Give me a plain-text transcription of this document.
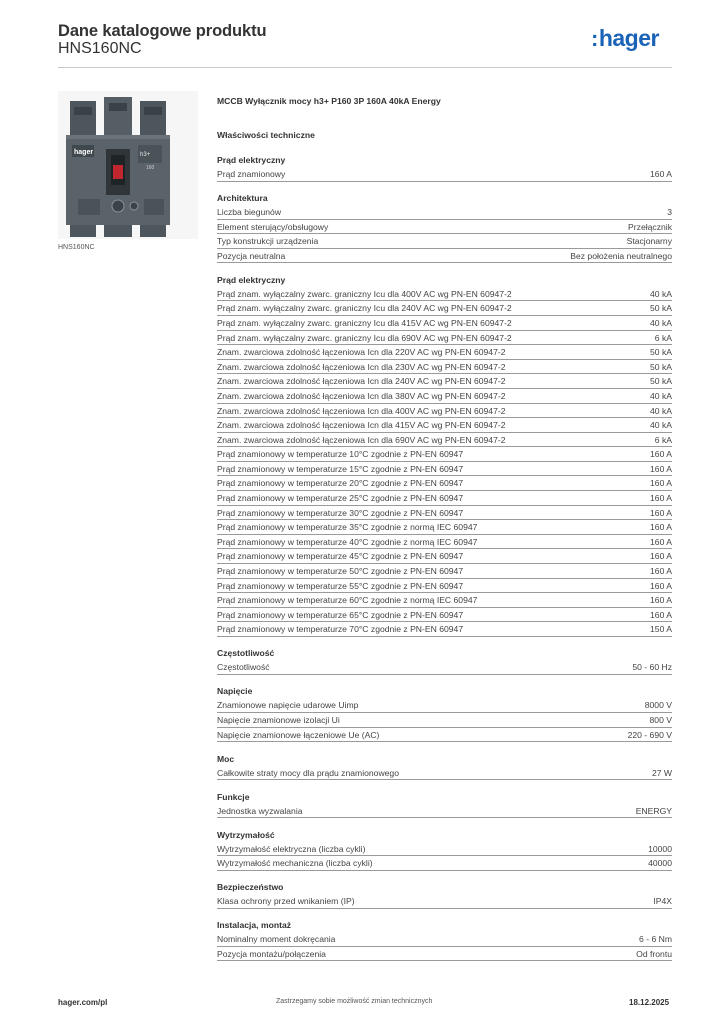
Dane katalogowe produktu
HNS160NC	:hager
hager	h3+
160
HNS160NC
MCCB Wyłącznik mocy h3+ P160 3P 160A 40kA Energy
Właściwości techniczne
Prąd elektryczny
Prąd znamionowy	160 A
Architektura
Liczba biegunów	3
Element sterujący/obsługowy	Przełącznik
Typ konstrukcji urządzenia	Stacjonarny
Pozycja neutralna	Bez położenia neutralnego
Prąd elektryczny
Prąd znam. wyłączalny zwarc. graniczny Icu dla 400V AC wg PN-EN 60947-2	40 kA
Prąd znam. wyłączalny zwarc. graniczny Icu dla 240V AC wg PN-EN 60947-2	50 kA
Prąd znam. wyłączalny zwarc. graniczny Icu dla 415V AC wg PN-EN 60947-2	40 kA
Prąd znam. wyłączalny zwarc. graniczny Icu dla 690V AC wg PN-EN 60947-2	6 kA
Znam. zwarciowa zdolność łączeniowa Icn dla 220V AC wg PN-EN 60947-2	50 kA
Znam. zwarciowa zdolność łączeniowa Icn dla 230V AC wg PN-EN 60947-2	50 kA
Znam. zwarciowa zdolność łączeniowa Icn dla 240V AC wg PN-EN 60947-2	50 kA
Znam. zwarciowa zdolność łączeniowa Icn dla 380V AC wg PN-EN 60947-2	40 kA
Znam. zwarciowa zdolność łączeniowa Icn dla 400V AC wg PN-EN 60947-2	40 kA
Znam. zwarciowa zdolność łączeniowa Icn dla 415V AC wg PN-EN 60947-2	40 kA
Znam. zwarciowa zdolność łączeniowa Icn dla 690V AC wg PN-EN 60947-2	6 kA
Prąd znamionowy w temperaturze 10°C zgodnie z PN-EN 60947	160 A
Prąd znamionowy w temperaturze 15°C zgodnie z PN-EN 60947	160 A
Prąd znamionowy w temperaturze 20°C zgodnie z PN-EN 60947	160 A
Prąd znamionowy w temperaturze 25°C zgodnie z PN-EN 60947	160 A
Prąd znamionowy w temperaturze 30°C zgodnie z PN-EN 60947	160 A
Prąd znamionowy w temperaturze 35°C zgodnie z normą IEC 60947	160 A
Prąd znamionowy w temperaturze 40°C zgodnie z normą IEC 60947	160 A
Prąd znamionowy w temperaturze 45°C zgodnie z PN-EN 60947	160 A
Prąd znamionowy w temperaturze 50°C zgodnie z PN-EN 60947	160 A
Prąd znamionowy w temperaturze 55°C zgodnie z PN-EN 60947	160 A
Prąd znamionowy w temperaturze 60°C zgodnie z normą IEC 60947	160 A
Prąd znamionowy w temperaturze 65°C zgodnie z PN-EN 60947	160 A
Prąd znamionowy w temperaturze 70°C zgodnie z PN-EN 60947	150 A
Częstotliwość
Częstotliwość	50 - 60 Hz
Napięcie
Znamionowe napięcie udarowe Uimp	8000 V
Napięcie znamionowe izolacji Ui	800 V
Napięcie znamionowe łączeniowe Ue (AC)	220 - 690 V
Moc
Całkowite straty mocy dla prądu znamionowego	27 W
Funkcje
Jednostka wyzwalania	ENERGY
Wytrzymałość
Wytrzymałość elektryczna (liczba cykli)	10000
Wytrzymałość mechaniczna (liczba cykli)	40000
Bezpieczeństwo
Klasa ochrony przed wnikaniem (IP)	IP4X
Instalacja, montaż
Nominalny moment dokręcania	6 - 6 Nm
Pozycja montażu/połączenia	Od frontu
hager.com/pl	Zastrzegamy sobie możliwość zmian technicznych	18.12.2025
